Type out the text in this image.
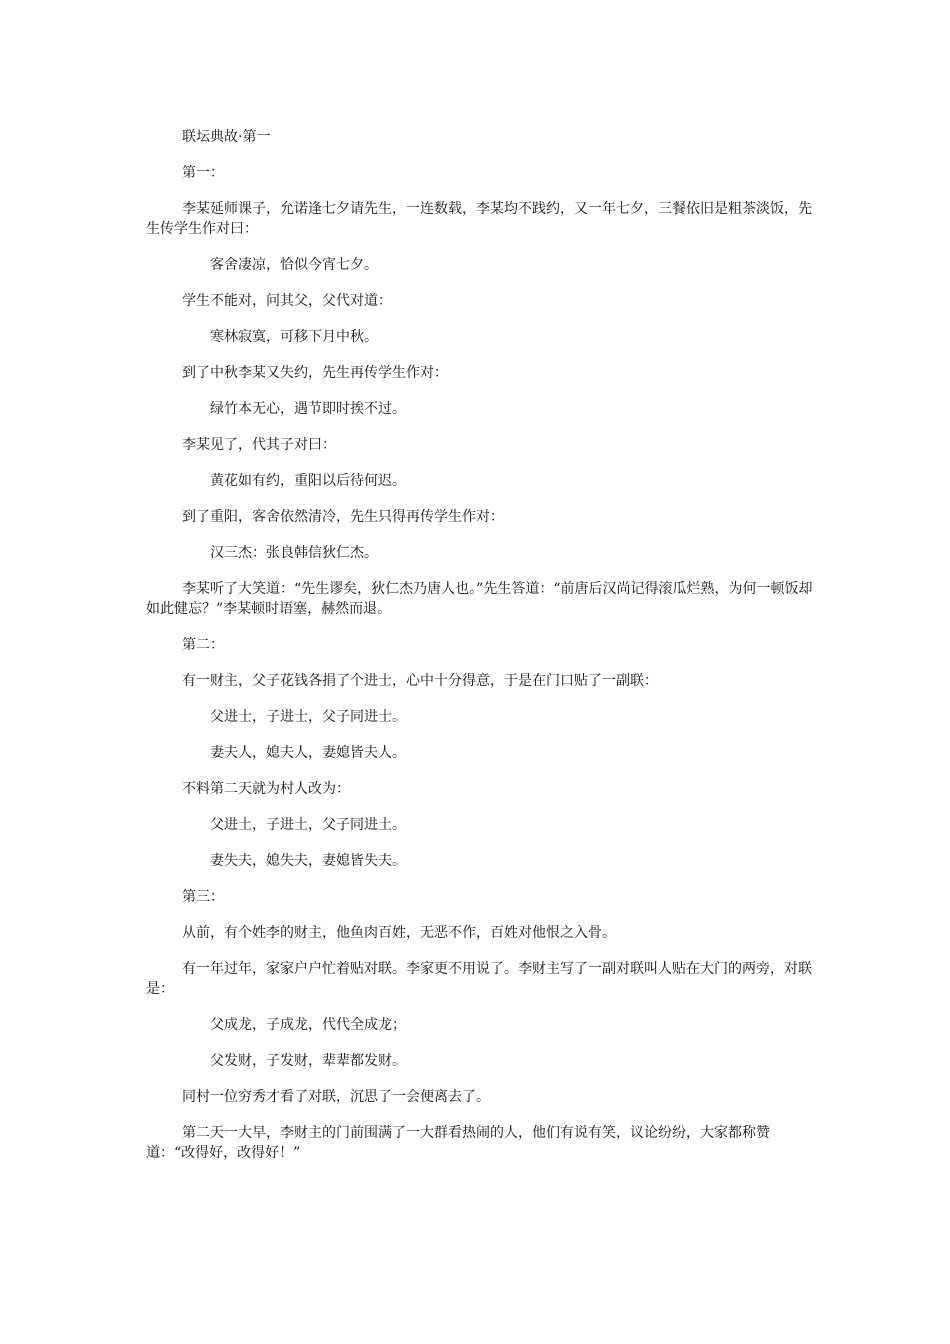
联坛典故·第一

第一：

李某延师课子，允诺逢七夕请先生，一连数载，李某均不践约，又一年七夕，三餐依旧是粗茶淡饭，先生传学生作对曰：

客舍凄凉，恰似今宵七夕。

学生不能对，问其父，父代对道：

寒林寂寞，可移下月中秋。

到了中秋李某又失约，先生再传学生作对：

绿竹本无心，遇节即时挨不过。

李某见了，代其子对曰：

黄花如有约，重阳以后待何迟。

到了重阳，客舍依然清冷，先生只得再传学生作对：

汉三杰：张良韩信狄仁杰。

李某听了大笑道：“先生谬矣，狄仁杰乃唐人也。”先生答道：“前唐后汉尚记得滚瓜烂熟，为何一顿饭却如此健忘？”李某顿时语塞，赫然而退。

第二：

有一财主，父子花钱各捐了个进士，心中十分得意，于是在门口贴了一副联：

父进士，子进士，父子同进士。
妻夫人，媳夫人，妻媳皆夫人。

不料第二天就为村人改为：

父进土，子进土，父子同进土。
妻失夫，媳失夫，妻媳皆失夫。

第三：

从前，有个姓李的财主，他鱼肉百姓，无恶不作，百姓对他恨之入骨。

有一年过年，家家户户忙着贴对联。李家更不用说了。李财主写了一副对联叫人贴在大门的两旁，对联是：

父成龙，子成龙，代代全成龙；
父发财，子发财，辈辈都发财。

同村一位穷秀才看了对联，沉思了一会便离去了。

第二天一大早，李财主的门前围满了一大群看热闹的人，他们有说有笑，议论纷纷，大家都称赞道：“改得好，改得好！”
